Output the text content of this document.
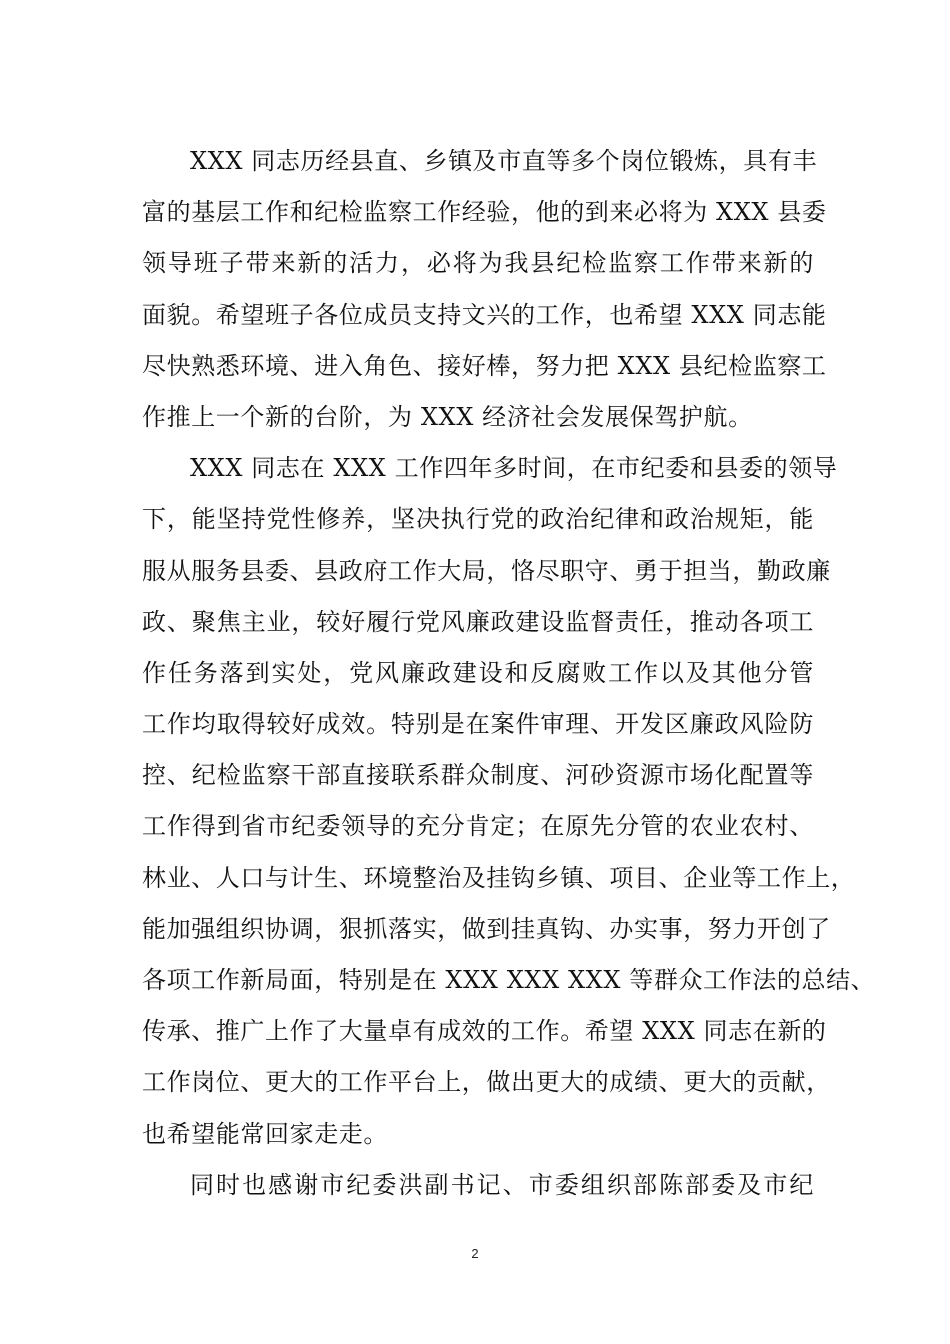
XXX 同志历经县直、乡镇及市直等多个岗位锻炼，具有丰
富的基层工作和纪检监察工作经验，他的到来必将为 XXX 县委
领导班子带来新的活力，必将为我县纪检监察工作带来新的
面貌。希望班子各位成员支持文兴的工作，也希望 XXX 同志能
尽快熟悉环境、进入角色、接好棒，努力把 XXX 县纪检监察工
作推上一个新的台阶，为 XXX 经济社会发展保驾护航。
XXX 同志在 XXX 工作四年多时间，在市纪委和县委的领导
下，能坚持党性修养，坚决执行党的政治纪律和政治规矩，能
服从服务县委、县政府工作大局，恪尽职守、勇于担当，勤政廉
政、聚焦主业，较好履行党风廉政建设监督责任，推动各项工
作任务落到实处，党风廉政建设和反腐败工作以及其他分管
工作均取得较好成效。特别是在案件审理、开发区廉政风险防
控、纪检监察干部直接联系群众制度、河砂资源市场化配置等
工作得到省市纪委领导的充分肯定；在原先分管的农业农村、
林业、人口与计生、环境整治及挂钩乡镇、项目、企业等工作上，
能加强组织协调，狠抓落实，做到挂真钩、办实事，努力开创了
各项工作新局面，特别是在 XXX XXX XXX 等群众工作法的总结、
传承、推广上作了大量卓有成效的工作。希望 XXX 同志在新的
工作岗位、更大的工作平台上，做出更大的成绩、更大的贡献，
也希望能常回家走走。
同时也感谢市纪委洪副书记、市委组织部陈部委及市纪
2
